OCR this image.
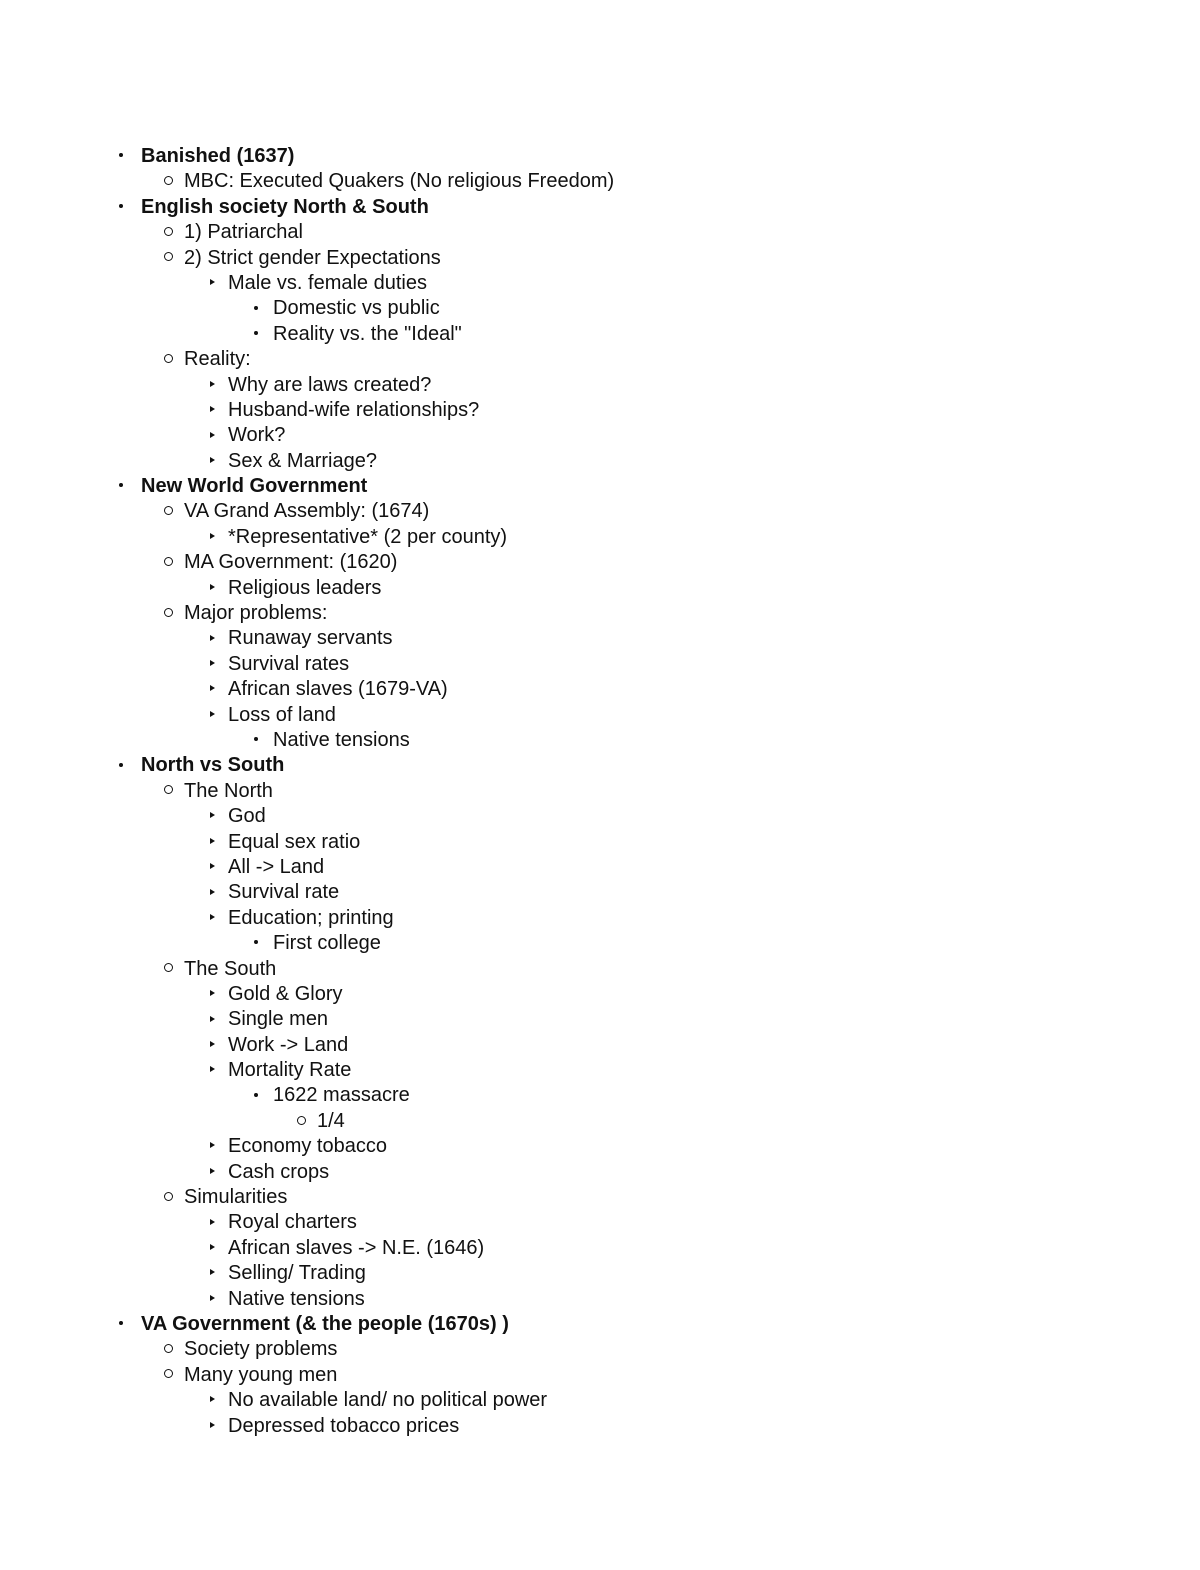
Banished (1637)
MBC: Executed Quakers (No religious Freedom)
English society North & South
1) Patriarchal
2) Strict gender Expectations
Male vs. female duties
Domestic vs public
Reality vs. the "Ideal"
Reality:
Why are laws created?
Husband-wife relationships?
Work?
Sex & Marriage?
New World Government
VA Grand Assembly: (1674)
*Representative* (2 per county)
MA Government: (1620)
Religious leaders
Major problems:
Runaway servants
Survival rates
African slaves (1679-VA)
Loss of land
Native tensions
North vs South
The North
God
Equal sex ratio
All -> Land
Survival rate
Education; printing
First college
The South
Gold & Glory
Single men
Work -> Land
Mortality Rate
1622 massacre
1/4
Economy tobacco
Cash crops
Simularities
Royal charters
African slaves -> N.E. (1646)
Selling/ Trading
Native tensions
VA Government (& the people (1670s) )
Society problems
Many young men
No available land/ no political power
Depressed tobacco prices
